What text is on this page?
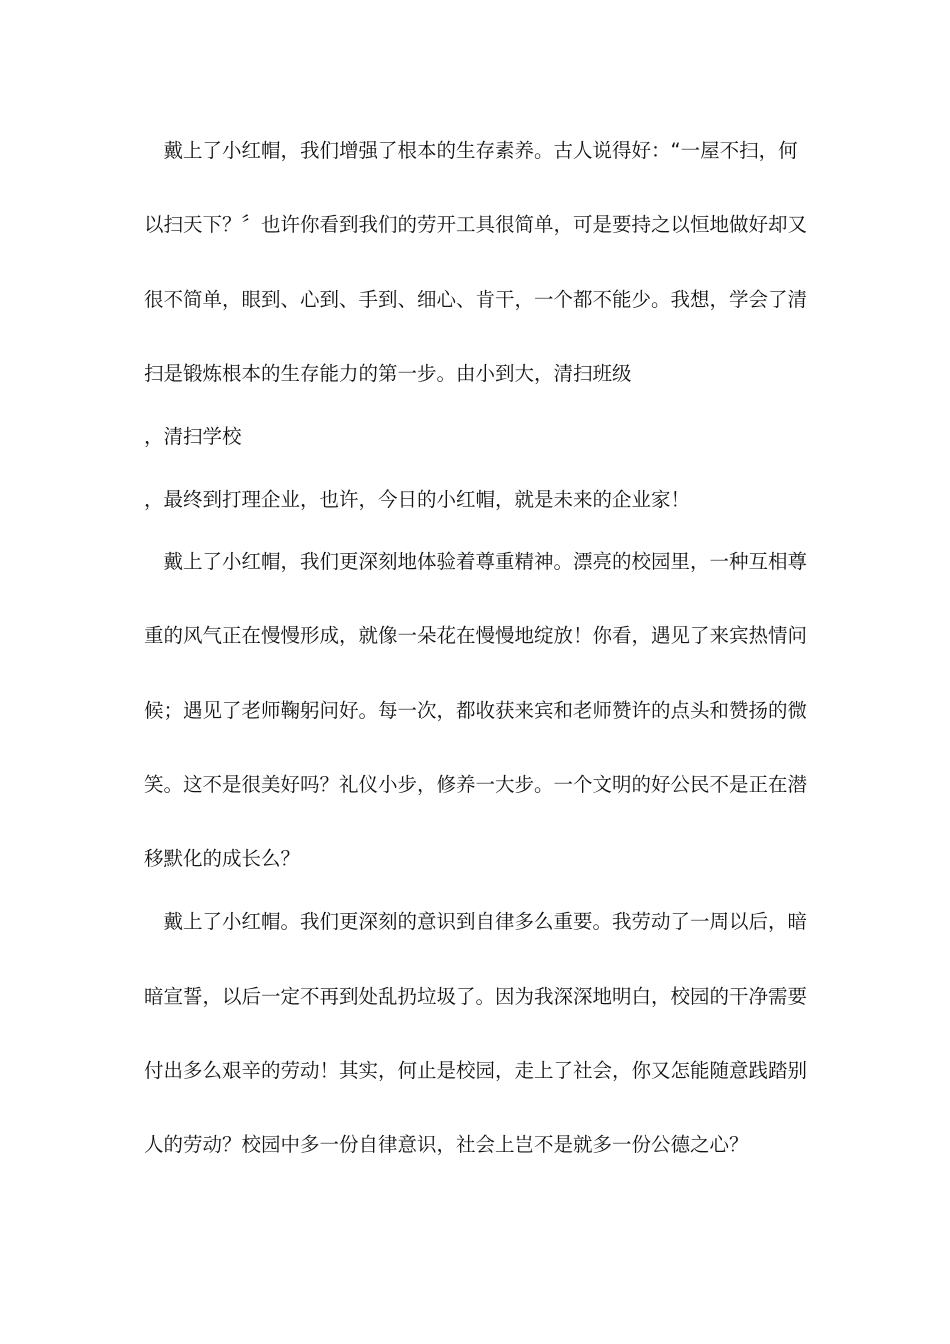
　戴上了小红帽，我们增强了根本的生存素养。古人说得好：“一屋不扫，何
以扫天下？〞也许你看到我们的劳开工具很简单，可是要持之以恒地做好却又
很不简单，眼到、心到、手到、细心、肯干，一个都不能少。我想，学会了清
扫是锻炼根本的生存能力的第一步。由小到大，清扫班级
，清扫学校
，最终到打理企业，也许，今日的小红帽，就是未来的企业家！
　戴上了小红帽，我们更深刻地体验着尊重精神。漂亮的校园里，一种互相尊
重的风气正在慢慢形成，就像一朵花在慢慢地绽放！你看，遇见了来宾热情问
候；遇见了老师鞠躬问好。每一次，都收获来宾和老师赞许的点头和赞扬的微
笑。这不是很美好吗？礼仪小步，修养一大步。一个文明的好公民不是正在潜
移默化的成长么？
　戴上了小红帽。我们更深刻的意识到自律多么重要。我劳动了一周以后，暗
暗宣誓，以后一定不再到处乱扔垃圾了。因为我深深地明白，校园的干净需要
付出多么艰辛的劳动！其实，何止是校园，走上了社会，你又怎能随意践踏别
人的劳动？校园中多一份自律意识，社会上岂不是就多一份公德之心？
